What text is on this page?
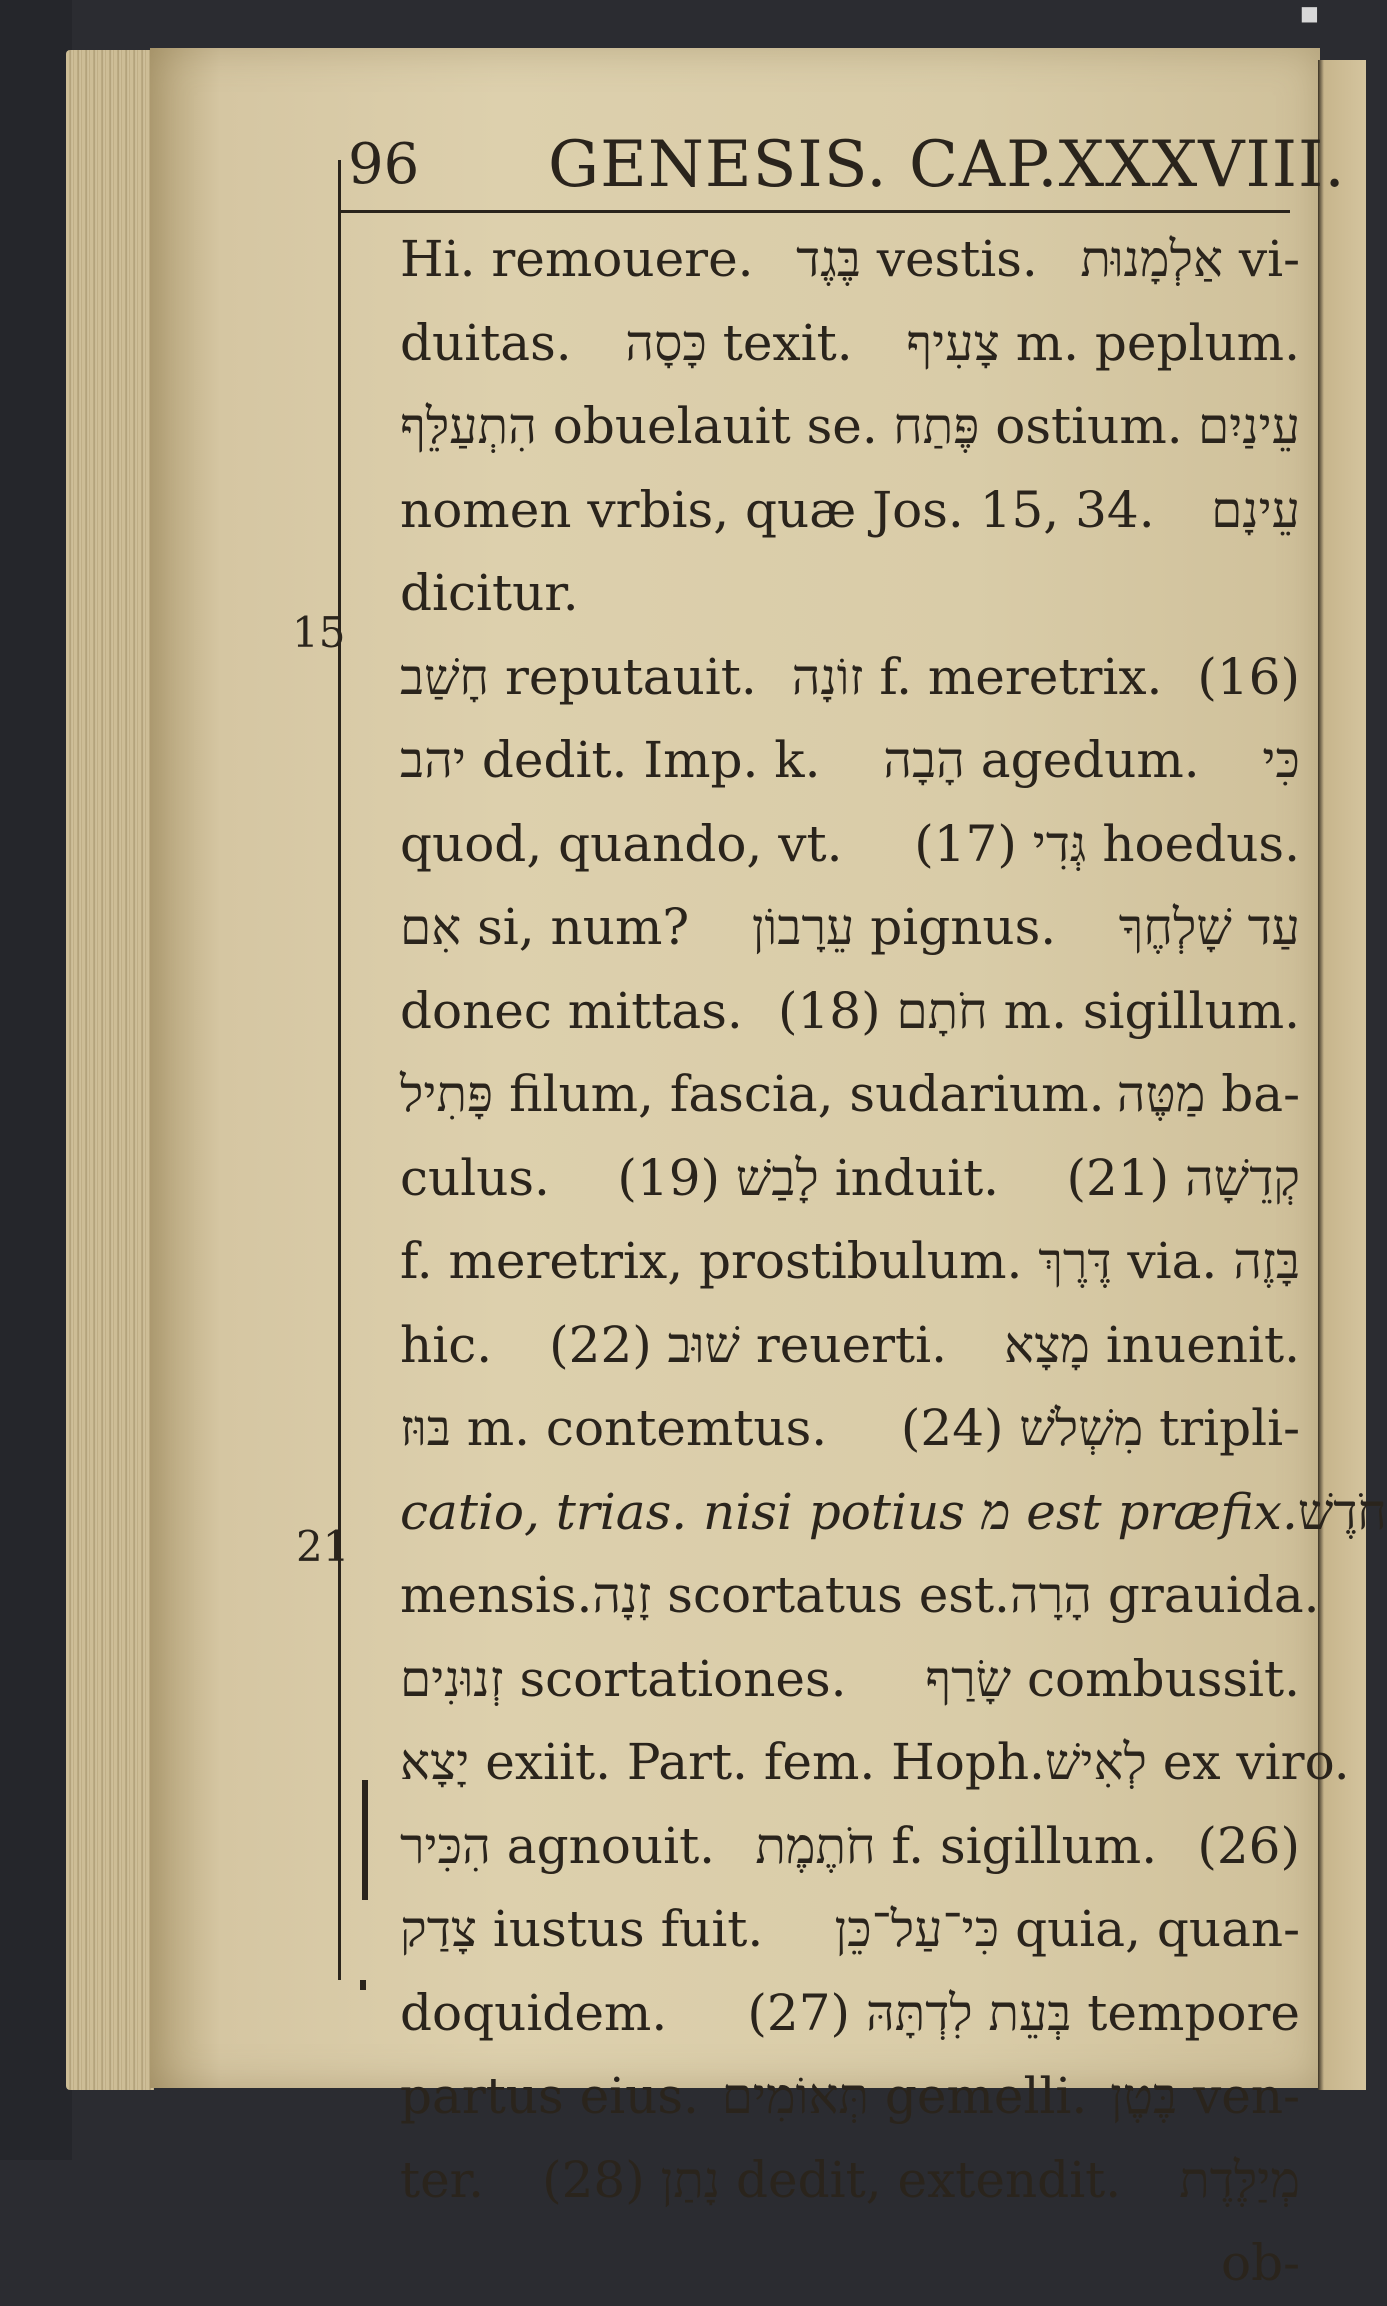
■
96 GENESIS. CAP.XXXVIII.
15
21
Hi. remouere. בֶּגֶד vestis. אַלְמָנוּת vi-
duitas. כָּסָה texit. צָעִיף m. peplum.
הִתְעַלֵּף obuelauit se. פֶּתַח ostium. עֵינַיִם
nomen vrbis, quæ Jos. 15, 34. עֵינָם
dicitur.
חָשַׁב reputauit. זוֹנָה f. meretrix. (16)
יהב dedit. Imp. k. הָבָה agedum. כִּי
quod, quando, vt. (17) גְּדִי hoedus.
אִם si, num? עֵרָבוֹן pignus. עַד שָׁלְחֶךָ
donec mittas. (18) חֹתָם m. sigillum.
פָּתִיל filum, fascia, sudarium. מַטֶּה ba-
culus. (19) לָבַשׁ induit. (21) קְדֵשָׁה
f. meretrix, prostibulum. דֶּרֶךְ via. בָּזֶה
hic. (22) שׁוּב reuerti. מָצָא inuenit.
בּוּז m. contemtus. (24) מִשְׁלֹשׁ tripli-
catio, trias. nisi potius מ est præfix. חֹדֶשׁ
mensis. זָנָה scortatus est. הָרָה grauida.
זְנוּנִים scortationes. שָׂרַף combussit.
יָצָא exiit. Part. fem. Hoph. לְאִישׁ ex viro.
הִכִּיר agnouit. חֹתֶמֶת f. sigillum. (26)
צָדַק iustus fuit. כִּי־עַל־כֵּן quia, quan-
doquidem. (27) בְּעֵת לִדְתָּהּ tempore
partus eius. תְּאוֹמִים gemelli. בֶּטֶן ven-
ter. (28) נָתַן dedit, extendit. מְיַלֶּדֶת
ob-
